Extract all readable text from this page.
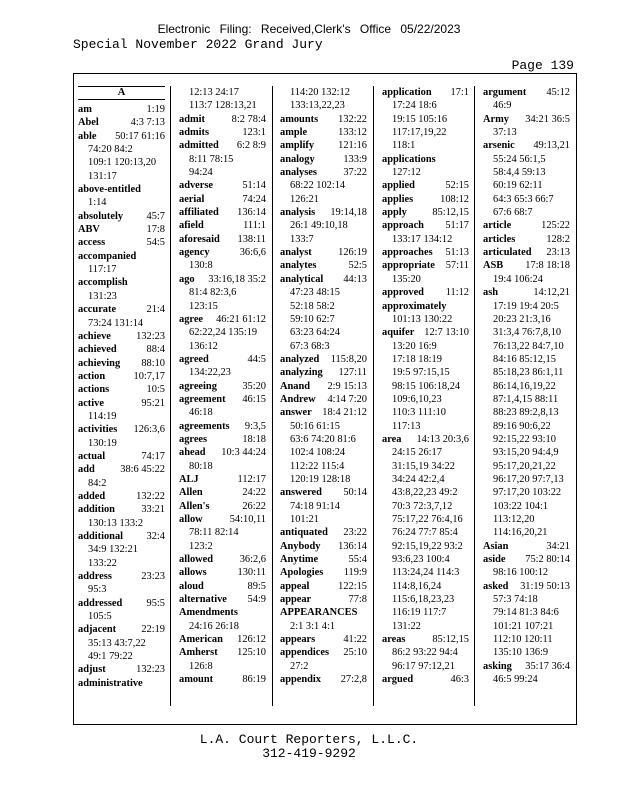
Electronic Filing: Received,Clerk's Office 05/22/2023
Special November 2022 Grand Jury
Page 139
A
am	1:19
Abel	4:3 7:13
able 50:17 61:16
74:20 84:2
109:1 120:13,20
131:17
above-entitled
1:14
absolutely 45:7
ABV	17:8
access	54:5
accompanied
117:17
accomplish
131:23
accurate	21:4
73:24 131:14
achieve 132:23
achieved	88:4
achieving 88:10
action	10:7,17
actions	10:5
active	95:21
114:19
activities 126:3,6
130:19
actual	74:17
add 38:6 45:22
84:2
added	132:22
addition	33:21
130:13 133:2
additional 32:4
34:9 132:21
133:22
address	23:23
95:3
addressed 95:5
105:5
adjacent 22:19
35:13 43:7,22
49:1 79:22
adjust	132:23
administrative
12:13 24:17
113:7 128:13,21
admit	8:2 78:4
admits	123:1
admitted 6:2 8:9
8:11 78:15
94:24
adverse	51:14
aerial	74:24
affiliated 136:14
afield	111:1
aforesaid 138:11
agency	36:6,6
130:8
ago 33:16,18 35:2
81:4 82:3,6
123:15
agree 46:21 61:12
62:22,24 135:19
136:12
agreed	44:5
134:22,23
agreeing 35:20
agreement 46:15
46:18
agreements 9:3,5
agrees	18:18
ahead 10:3 44:24
80:18
ALJ	112:17
Allen	24:22
Allen's	26:22
allow	54:10,11
78:11 82:14
123:2
allowed	36:2,6
allows	130:11
aloud	89:5
alternative 54:9
Amendments
24:16 26:18
American 126:12
Amherst 125:10
126:8
amount	86:19
114:20 132:12
133:13,22,23
amounts 132:22
ample	133:12
amplify 121:16
analogy	133:9
analyses	37:22
68:22 102:14
126:21
analysis 19:14,18
26:1 49:10,18
133:7
analyst	126:19
analytes	52:5
analytical 44:13
47:23 48:15
52:18 58:2
59:10 62:7
63:23 64:24
67:3 68:3
analyzed 115:8,20
analyzing 127:11
Anand 2:9 15:13
Andrew 4:14 7:20
answer 18:4 21:12
50:16 61:15
63:6 74:20 81:6
102:4 108:24
112:22 115:4
120:19 128:18
answered 50:14
74:18 91:14
101:21
antiquated 23:22
Anybody 136:14
Anytime	55:4
Apologies 119:9
appeal	122:15
appear	77:8
APPEARANCES
2:1 3:1 4:1
appears	41:22
appendices 25:10
27:2
appendix 27:2,8
application 17:1
17:24 18:6
19:15 105:16
117:17,19,22
118:1
applications
127:12
applied	52:15
applies	108:12
apply 85:12,15
approach 51:17
133:17 134:12
approaches 51:13
appropriate 57:11
135:20
approved 11:12
approximately
101:13 130:22
aquifer 12:7 13:10
13:20 16:9
17:18 18:19
19:5 97:15,15
98:15 106:18,24
109:6,10,23
110:3 111:10
117:13
area 14:13 20:3,6
24:15 26:17
31:15,19 34:22
34:24 42:2,4
43:8,22,23 49:2
70:3 72:3,7,12
75:17,22 76:4,16
76:24 77:7 85:4
92:15,19,22 93:2
93:6,23 100:4
113:24,24 114:3
114:8,16,24
115:6,18,23,23
116:19 117:7
131:22
areas	85:12,15
86:2 93:22 94:4
96:17 97:12,21
argued	46:3
argument 45:12
46:9
Army 34:21 36:5
37:13
arsenic 49:13,21
55:24 56:1,5
58:4,4 59:13
60:19 62:11
64:3 65:3 66:7
67:6 68:7
article	125:22
articles	128:2
articulated 23:13
ASB 17:8 18:18
19:4 106:24
ash	14:12,21
17:19 19:4 20:5
20:23 21:3,16
31:3,4 76:7,8,10
76:13,22 84:7,10
84:16 85:12,15
85:18,23 86:1,11
86:14,16,19,22
87:1,4,15 88:11
88:23 89:2,8,13
89:16 90:6,22
92:15,22 93:10
93:15,20 94:4,9
95:17,20,21,22
96:17,20 97:7,13
97:17,20 103:22
103:22 104:1
113:12,20
114:16,20,21
Asian	34:21
aside 75:2 80:14
98:16 100:12
asked 31:19 50:13
57:3 74:18
79:14 81:3 84:6
101:21 107:21
112:10 120:11
135:10 136:9
asking 35:17 36:4
46:5 99:24
L.A. Court Reporters, L.L.C.
312-419-9292
